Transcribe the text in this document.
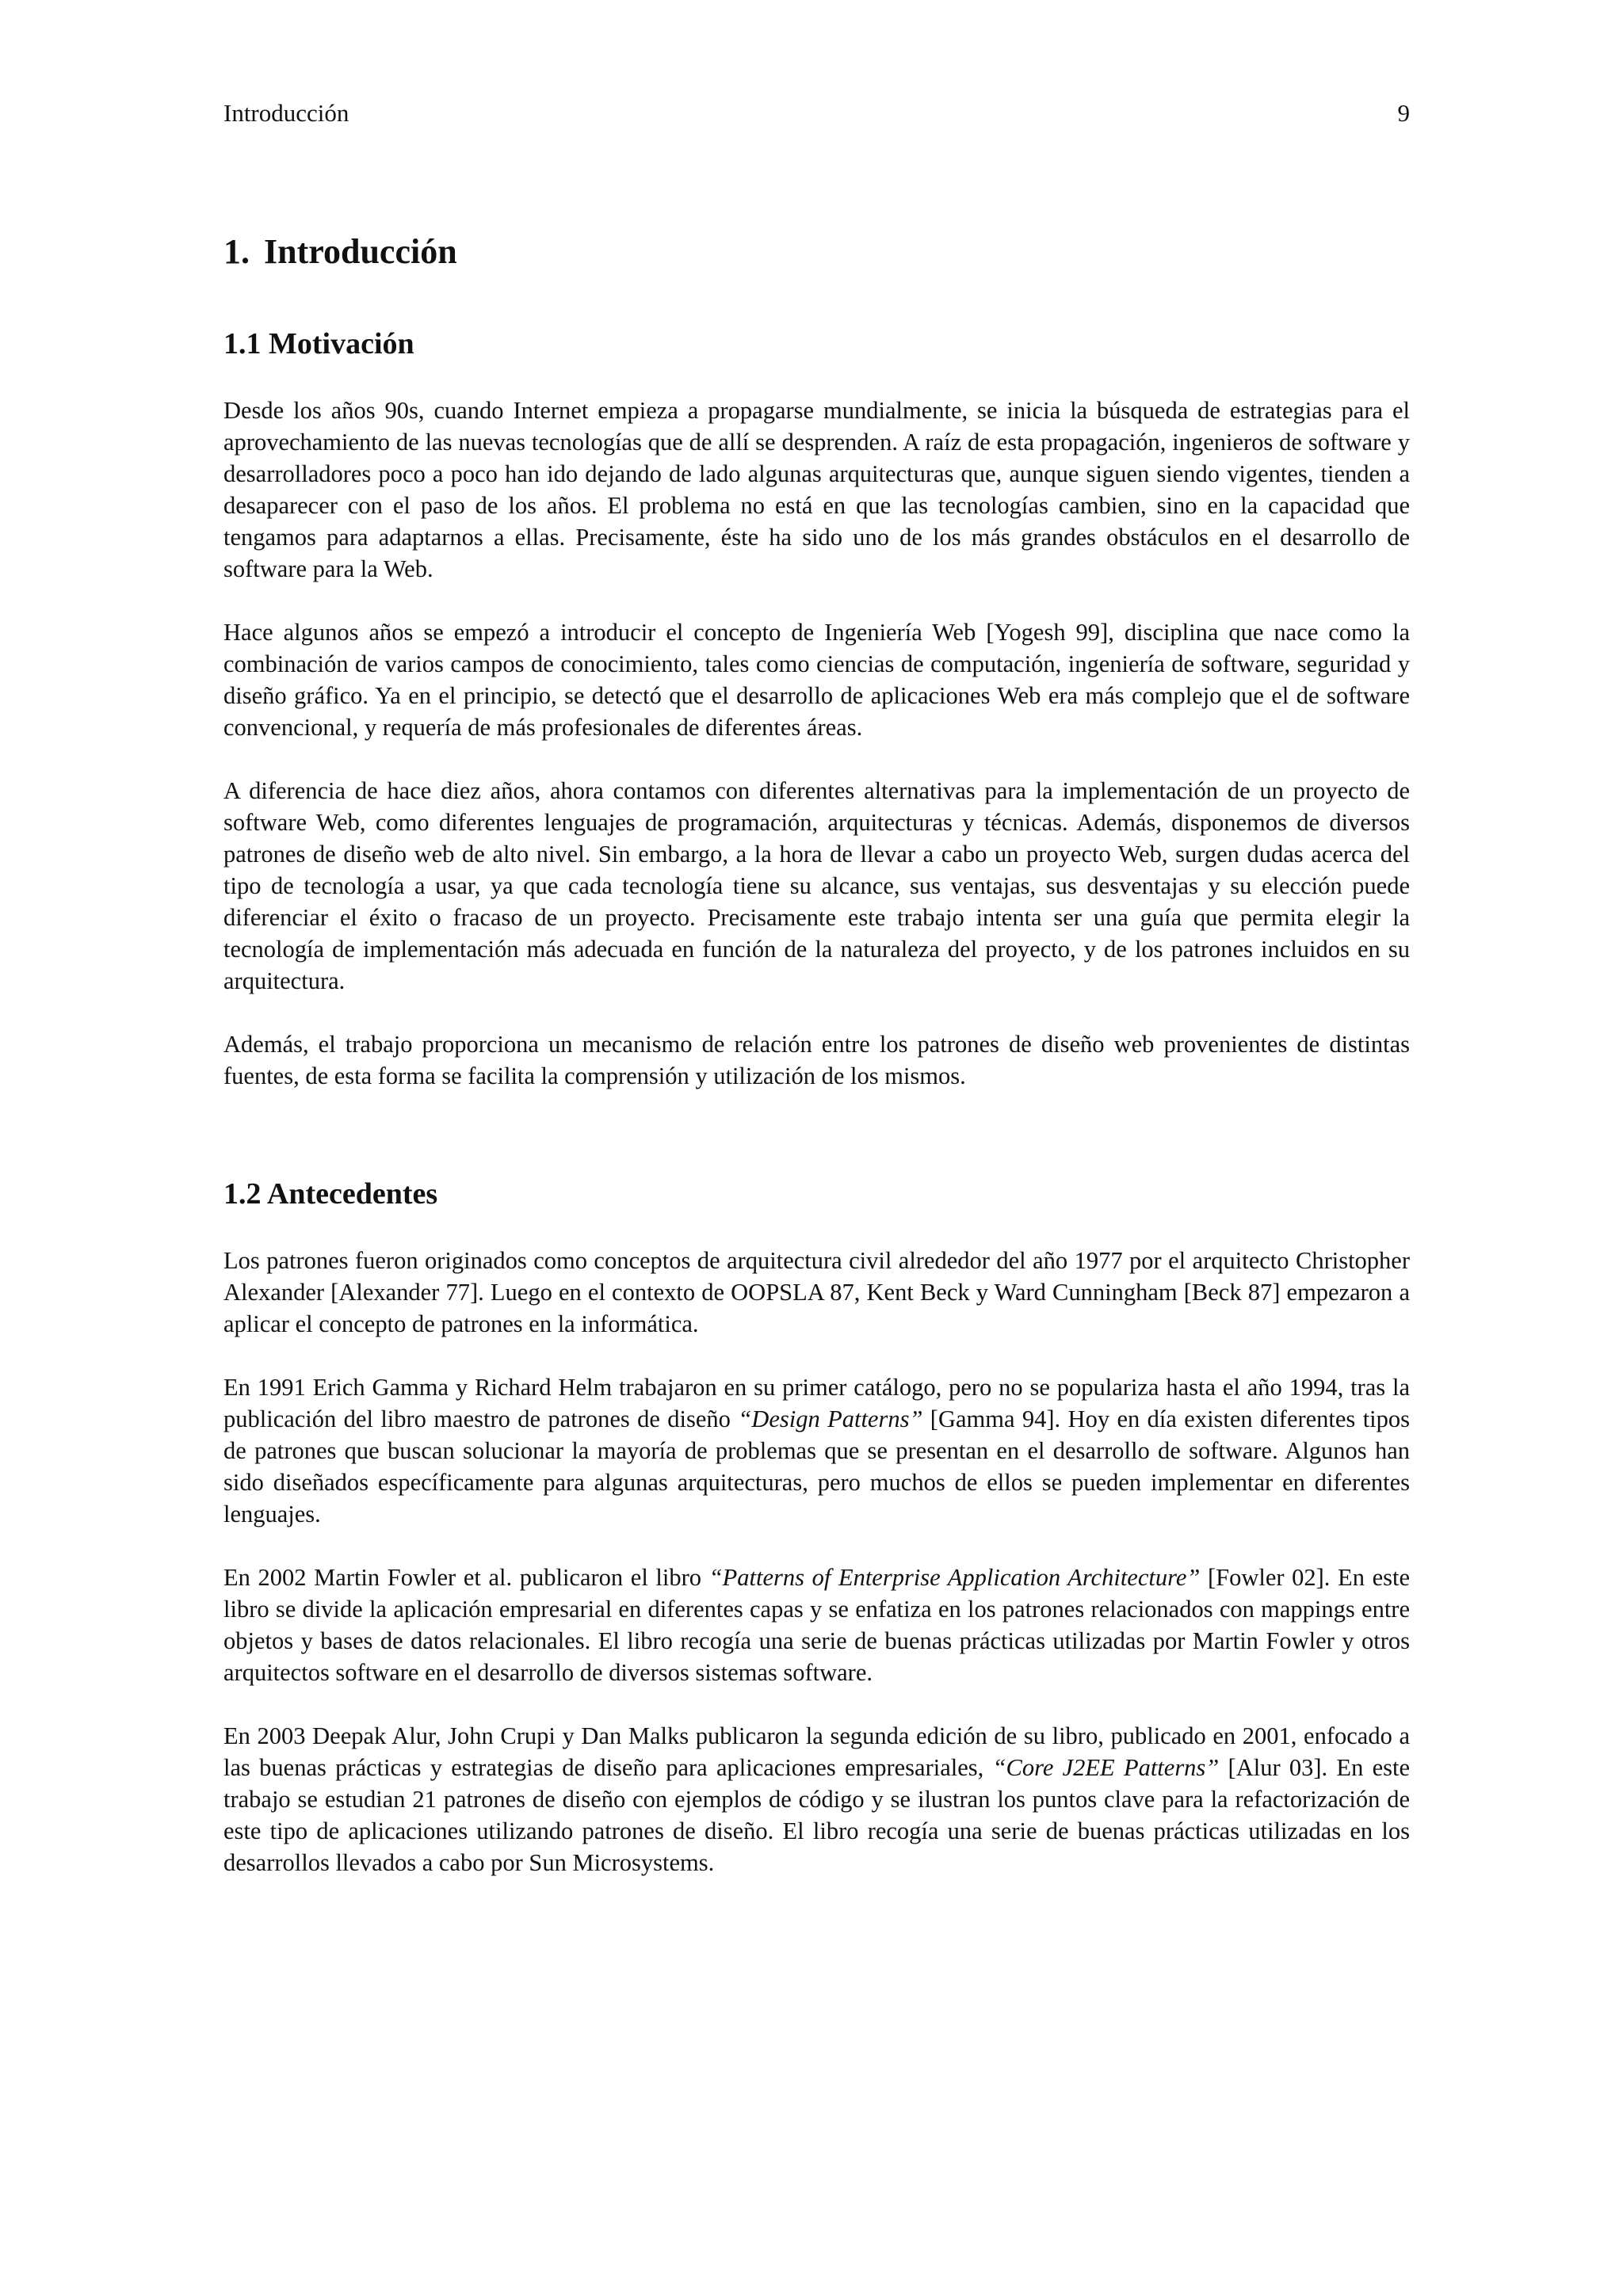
Introducción	9
1. Introducción
1.1 Motivación

Desde los años 90s, cuando Internet empieza a propagarse mundialmente, se inicia la búsqueda de estrategias para el aprovechamiento de las nuevas tecnologías que de allí se desprenden. A raíz de esta propagación, ingenieros de software y desarrolladores poco a poco han ido dejando de lado algunas arquitecturas que, aunque siguen siendo vigentes, tienden a desaparecer con el paso de los años. El problema no está en que las tecnologías cambien, sino en la capacidad que tengamos para adaptarnos a ellas. Precisamente, éste ha sido uno de los más grandes obstáculos en el desarrollo de software para la Web.

Hace algunos años se empezó a introducir el concepto de Ingeniería Web [Yogesh 99], disciplina que nace como la combinación de varios campos de conocimiento, tales como ciencias de computación, ingeniería de software, seguridad y diseño gráfico. Ya en el principio, se detectó que el desarrollo de aplicaciones Web era más complejo que el de software convencional, y requería de más profesionales de diferentes áreas.

A diferencia de hace diez años, ahora contamos con diferentes alternativas para la implementación de un proyecto de software Web, como diferentes lenguajes de programación, arquitecturas y técnicas. Además, disponemos de diversos patrones de diseño web de alto nivel. Sin embargo, a la hora de llevar a cabo un proyecto Web, surgen dudas acerca del tipo de tecnología a usar, ya que cada tecnología tiene su alcance, sus ventajas, sus desventajas y su elección puede diferenciar el éxito o fracaso de un proyecto. Precisamente este trabajo intenta ser una guía que permita elegir la tecnología de implementación más adecuada en función de la naturaleza del proyecto, y de los patrones incluidos en su arquitectura.

Además, el trabajo proporciona un mecanismo de relación entre los patrones de diseño web provenientes de distintas fuentes, de esta forma se facilita la comprensión y utilización de los mismos.

1.2 Antecedentes

Los patrones fueron originados como conceptos de arquitectura civil alrededor del año 1977 por el arquitecto Christopher Alexander [Alexander 77]. Luego en el contexto de OOPSLA 87, Kent Beck y Ward Cunningham [Beck 87] empezaron a aplicar el concepto de patrones en la informática.

En 1991 Erich Gamma y Richard Helm trabajaron en su primer catálogo, pero no se populariza hasta el año 1994, tras la publicación del libro maestro de patrones de diseño “Design Patterns” [Gamma 94]. Hoy en día existen diferentes tipos de patrones que buscan solucionar la mayoría de problemas que se presentan en el desarrollo de software. Algunos han sido diseñados específicamente para algunas arquitecturas, pero muchos de ellos se pueden implementar en diferentes lenguajes.

En 2002 Martin Fowler et al. publicaron el libro “Patterns of Enterprise Application Architecture” [Fowler 02]. En este libro se divide la aplicación empresarial en diferentes capas y se enfatiza en los patrones relacionados con mappings entre objetos y bases de datos relacionales. El libro recogía una serie de buenas prácticas utilizadas por Martin Fowler y otros arquitectos software en el desarrollo de diversos sistemas software.

En 2003 Deepak Alur, John Crupi y Dan Malks publicaron la segunda edición de su libro, publicado en 2001, enfocado a las buenas prácticas y estrategias de diseño para aplicaciones empresariales, “Core J2EE Patterns” [Alur 03]. En este trabajo se estudian 21 patrones de diseño con ejemplos de código y se ilustran los puntos clave para la refactorización de este tipo de aplicaciones utilizando patrones de diseño. El libro recogía una serie de buenas prácticas utilizadas en los desarrollos llevados a cabo por Sun Microsystems.
